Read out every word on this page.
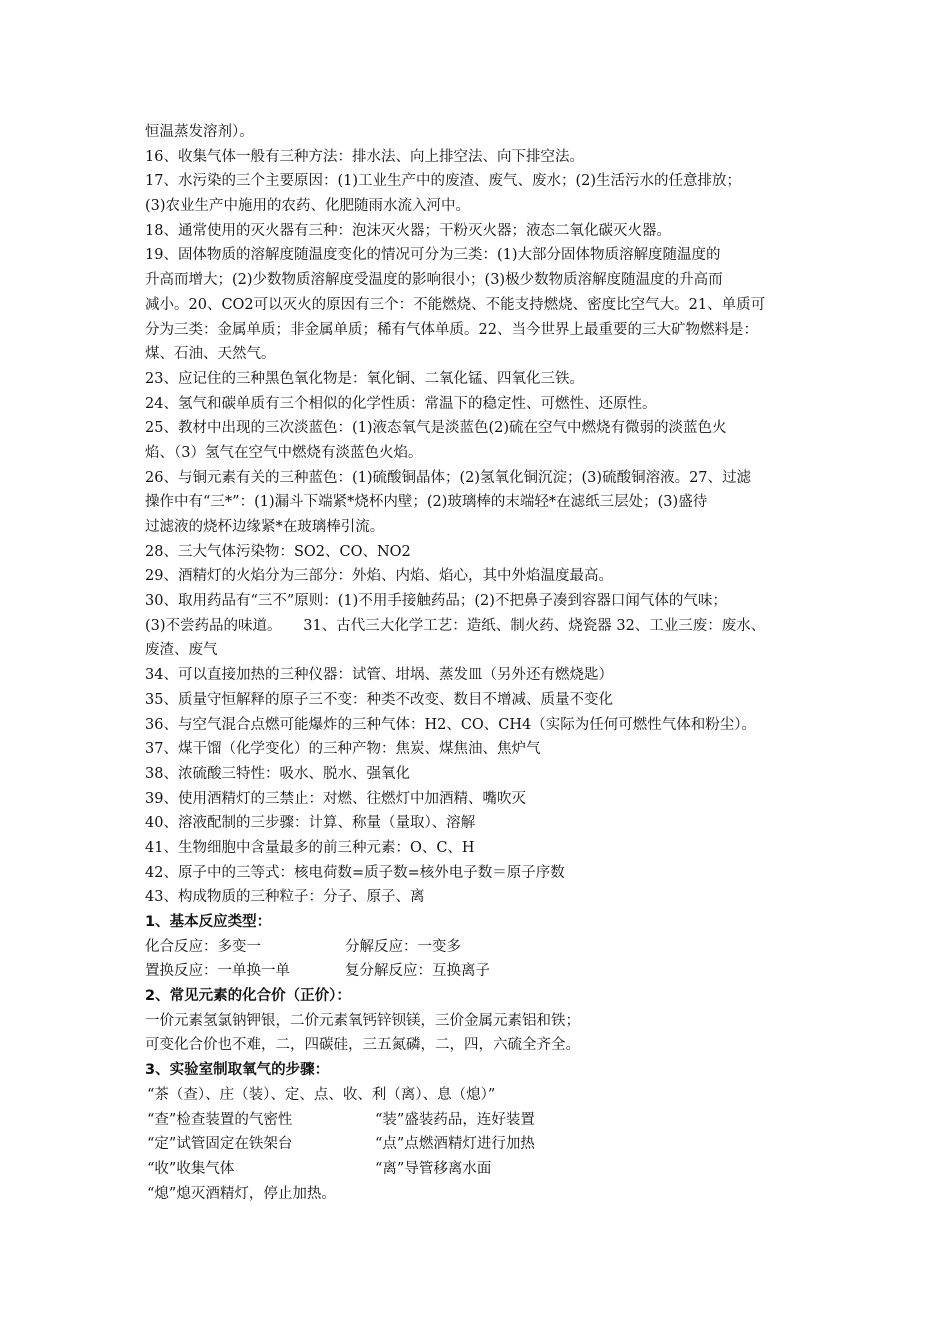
恒温蒸发溶剂）。
16、收集气体一般有三种方法：排水法、向上排空法、向下排空法。
17、水污染的三个主要原因：(1)工业生产中的废渣、废气、废水；(2)生活污水的任意排放；
(3)农业生产中施用的农药、化肥随雨水流入河中。
18、通常使用的灭火器有三种：泡沫灭火器；干粉灭火器；液态二氧化碳灭火器。
19、固体物质的溶解度随温度变化的情况可分为三类：(1)大部分固体物质溶解度随温度的
升高而增大；(2)少数物质溶解度受温度的影响很小；(3)极少数物质溶解度随温度的升高而
减小。20、CO2可以灭火的原因有三个：不能燃烧、不能支持燃烧、密度比空气大。21、单质可
分为三类：金属单质；非金属单质；稀有气体单质。22、当今世界上最重要的三大矿物燃料是：
煤、石油、天然气。
23、应记住的三种黑色氧化物是：氧化铜、二氧化锰、四氧化三铁。
24、氢气和碳单质有三个相似的化学性质：常温下的稳定性、可燃性、还原性。
25、教材中出现的三次淡蓝色：(1)液态氧气是淡蓝色(2)硫在空气中燃烧有微弱的淡蓝色火
焰、（3）氢气在空气中燃烧有淡蓝色火焰。
26、与铜元素有关的三种蓝色：(1)硫酸铜晶体；(2)氢氧化铜沉淀；(3)硫酸铜溶液。27、过滤
操作中有“三*”：(1)漏斗下端紧*烧杯内壁；(2)玻璃棒的末端轻*在滤纸三层处；(3)盛待
过滤液的烧杯边缘紧*在玻璃棒引流。
28、三大气体污染物：SO2、CO、NO2
29、酒精灯的火焰分为三部分：外焰、内焰、焰心，其中外焰温度最高。
30、取用药品有“三不”原则：(1)不用手接触药品；(2)不把鼻子凑到容器口闻气体的气味；
(3)不尝药品的味道。　　31、古代三大化学工艺：造纸、制火药、烧瓷器 32、工业三废：废水、
废渣、废气
34、可以直接加热的三种仪器：试管、坩埚、蒸发皿（另外还有燃烧匙）
35、质量守恒解释的原子三不变：种类不改变、数目不增减、质量不变化
36、与空气混合点燃可能爆炸的三种气体：H2、CO、CH4（实际为任何可燃性气体和粉尘）。
37、煤干馏（化学变化）的三种产物：焦炭、煤焦油、焦炉气
38、浓硫酸三特性：吸水、脱水、强氧化
39、使用酒精灯的三禁止：对燃、往燃灯中加酒精、嘴吹灭
40、溶液配制的三步骤：计算、称量（量取）、溶解
41、生物细胞中含量最多的前三种元素：O、C、H
42、原子中的三等式：核电荷数=质子数=核外电子数＝原子序数
43、构成物质的三种粒子：分子、原子、离
1、基本反应类型：
化合反应：多变一	分解反应：一变多
置换反应：一单换一单	复分解反应：互换离子
2、常见元素的化合价（正价）：
一价元素氢氯钠钾银，二价元素氧钙锌钡镁，三价金属元素铝和铁；
可变化合价也不难，二，四碳硅，三五氮磷，二，四，六硫全齐全。
3、实验室制取氧气的步骤：
“茶（查）、庄（装）、定、点、收、利（离）、息（熄）”
“查”检查装置的气密性	“装”盛装药品，连好装置
“定”试管固定在铁架台	“点”点燃酒精灯进行加热
“收”收集气体	“离”导管移离水面
“熄”熄灭酒精灯，停止加热。
